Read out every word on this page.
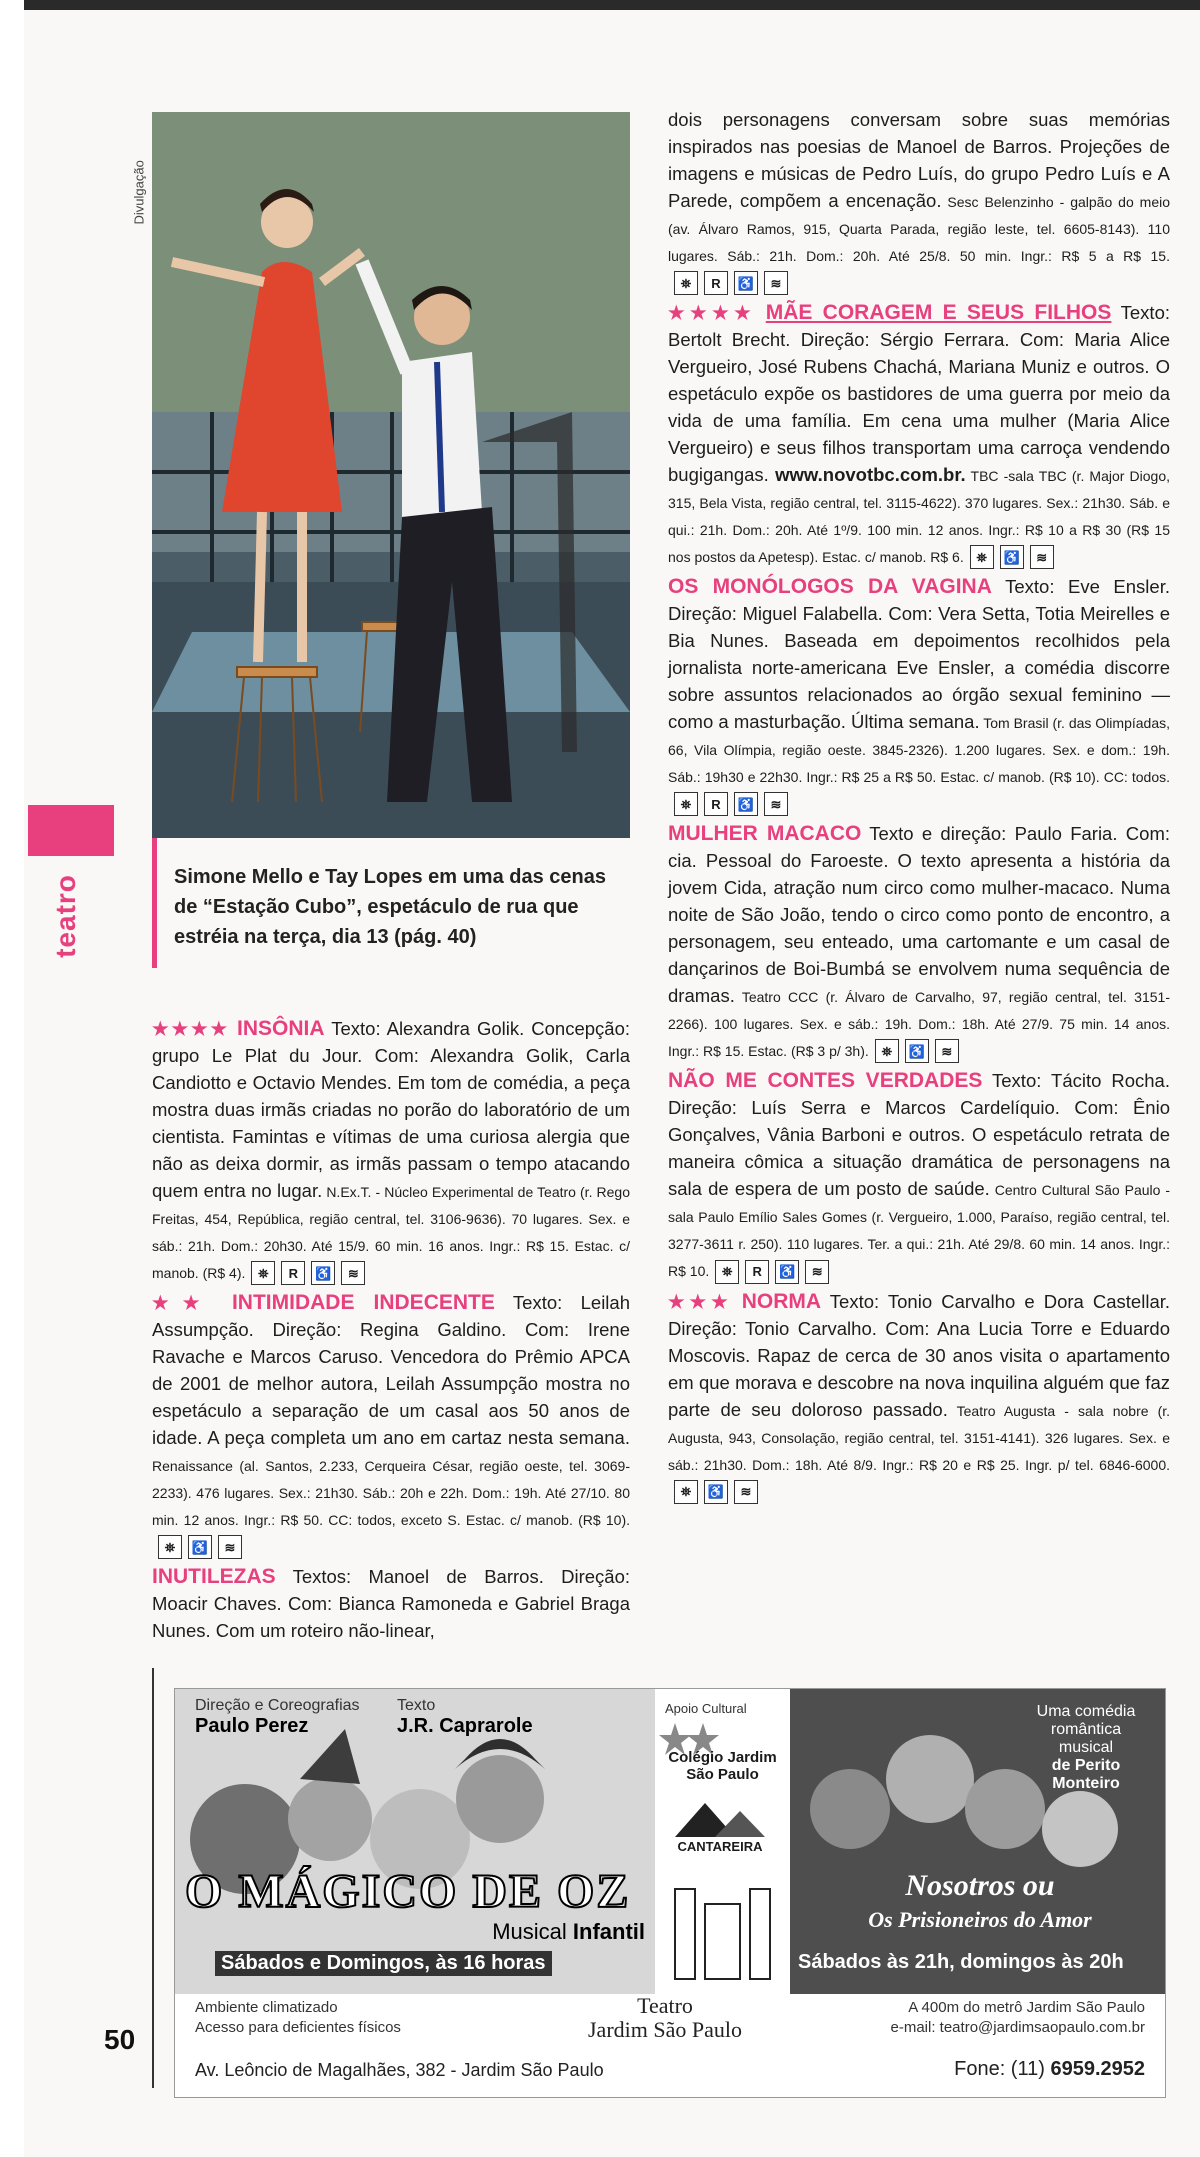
teatro
Divulgação
Simone Mello e Tay Lopes em uma das cenas de “Estação Cubo”, espetáculo de rua que estréia na terça, dia 13 (pág. 40)

★★★★ INSÔNIA Texto: Alexandra Golik. Concepção: grupo Le Plat du Jour. Com: Alexandra Golik, Carla Candiotto e Octavio Mendes. Em tom de comédia, a peça mostra duas irmãs criadas no porão do laboratório de um cientista. Famintas e vítimas de uma curiosa alergia que não as deixa dormir, as irmãs passam o tempo atacando quem entra no lugar. N.Ex.T. - Núcleo Experimental de Teatro (r. Rego Freitas, 454, República, região central, tel. 3106-9636). 70 lugares. Sex. e sáb.: 21h. Dom.: 20h30. Até 15/9. 60 min. 16 anos. Ingr.: R$ 15. Estac. c/ manob. (R$ 4). ⛯	R	♿	≋

★★ INTIMIDADE INDECENTE Texto: Leilah Assumpção. Direção: Regina Galdino. Com: Irene Ravache e Marcos Caruso. Vencedora do Prêmio APCA de 2001 de melhor autora, Leilah Assumpção mostra no espetáculo a separação de um casal aos 50 anos de idade. A peça completa um ano em cartaz nesta semana. Renaissance (al. Santos, 2.233, Cerqueira César, região oeste, tel. 3069-2233). 476 lugares. Sex.: 21h30. Sáb.: 20h e 22h. Dom.: 19h. Até 27/10. 80 min. 12 anos. Ingr.: R$ 50. CC: todos, exceto S. Estac. c/ manob. (R$ 10).
⛯	♿	≋

INUTILEZAS Textos: Manoel de Barros. Direção: Moacir Chaves. Com: Bianca Ramoneda e Gabriel Braga Nunes. Com um roteiro não-linear,

dois personagens conversam sobre suas memórias inspirados nas poesias de Manoel de Barros. Projeções de imagens e músicas de Pedro Luís, do grupo Pedro Luís e A Parede, compõem a encenação. Sesc Belenzinho - galpão do meio (av. Álvaro Ramos, 915, Quarta Parada, região leste, tel. 6605-8143). 110 lugares. Sáb.: 21h. Dom.: 20h. Até 25/8. 50 min. Ingr.: R$ 5 a R$ 15.
⛯	R	♿	≋

★★★★ MÃE CORAGEM E SEUS FILHOS Texto: Bertolt Brecht. Direção: Sérgio Ferrara. Com: Maria Alice Vergueiro, José Rubens Chachá, Mariana Muniz e outros. O espetáculo expõe os bastidores de uma guerra por meio da vida de uma família. Em cena uma mulher (Maria Alice Vergueiro) e seus filhos transportam uma carroça vendendo bugigangas. www.novotbc.com.br. TBC -sala TBC (r. Major Diogo, 315, Bela Vista, região central, tel. 3115-4622). 370 lugares. Sex.: 21h30. Sáb. e qui.: 21h. Dom.: 20h. Até 1º/9. 100 min. 12 anos. Ingr.: R$ 10 a R$ 30 (R$ 15 nos postos da Apetesp). Estac. c/ manob. R$ 6. ⛯	♿	≋

OS MONÓLOGOS DA VAGINA Texto: Eve Ensler. Direção: Miguel Falabella. Com: Vera Setta, Totia Meirelles e Bia Nunes. Baseada em depoimentos recolhidos pela jornalista norte-americana Eve Ensler, a comédia discorre sobre assuntos relacionados ao órgão sexual feminino —como a masturbação. Última semana. Tom Brasil (r. das Olimpíadas, 66, Vila Olímpia, região oeste. 3845-2326). 1.200 lugares. Sex. e dom.: 19h. Sáb.: 19h30 e 22h30. Ingr.: R$ 25 a R$ 50. Estac. c/ manob. (R$ 10). CC: todos.
⛯	R	♿	≋

MULHER MACACO Texto e direção: Paulo Faria. Com: cia. Pessoal do Faroeste. O texto apresenta a história da jovem Cida, atração num circo como mulher-macaco. Numa noite de São João, tendo o circo como ponto de encontro, a personagem, seu enteado, uma cartomante e um casal de dançarinos de Boi-Bumbá se envolvem numa sequência de dramas. Teatro CCC (r. Álvaro de Carvalho, 97, região central, tel. 3151-2266). 100 lugares. Sex. e sáb.: 19h. Dom.: 18h. Até 27/9. 75 min. 14 anos. Ingr.: R$ 15. Estac. (R$ 3 p/ 3h). ⛯	♿	≋

NÃO ME CONTES VERDADES Texto: Tácito Rocha. Direção: Luís Serra e Marcos Cardelíquio. Com: Ênio Gonçalves, Vânia Barboni e outros. O espetáculo retrata de maneira cômica a situação dramática de personagens na sala de espera de um posto de saúde. Centro Cultural São Paulo - sala Paulo Emílio Sales Gomes (r. Vergueiro, 1.000, Paraíso, região central, tel. 3277-3611 r. 250). 110 lugares. Ter. a qui.: 21h. Até 29/8. 60 min. 14 anos. Ingr.: R$ 10. ⛯	R	♿	≋

★★★ NORMA Texto: Tonio Carvalho e Dora Castellar. Direção: Tonio Carvalho. Com: Ana Lucia Torre e Eduardo Moscovis. Rapaz de cerca de 30 anos visita o apartamento em que morava e descobre na nova inquilina alguém que faz parte de seu doloroso passado. Teatro Augusta - sala nobre (r. Augusta, 943, Consolação, região central, tel. 3151-4141). 326 lugares. Sex. e sáb.: 21h30. Dom.: 18h. Até 8/9. Ingr.: R$ 20 e R$ 25. Ingr. p/ tel. 6846-6000.
⛯	♿	≋

Direção e Coreografias
Paulo Perez
Texto
J.R. Caprarole
O MÁGICO DE OZ
Musical Infantil
Sábados e Domingos, às 16 horas
Apoio Cultural
Colégio Jardim São Paulo
CANTAREIRA
Uma comédia
romântica
musical
de Perito
Monteiro
Nosotros ou
Os Prisioneiros do Amor
Sábados às 21h, domingos às 20h
Ambiente climatizado
Acesso para deficientes físicos
Av. Leôncio de Magalhães, 382 - Jardim São Paulo
Teatro
Jardim São Paulo
A 400m do metrô Jardim São Paulo
e-mail: teatro@jardimsaopaulo.com.br
Fone: (11) 6959.2952
50
